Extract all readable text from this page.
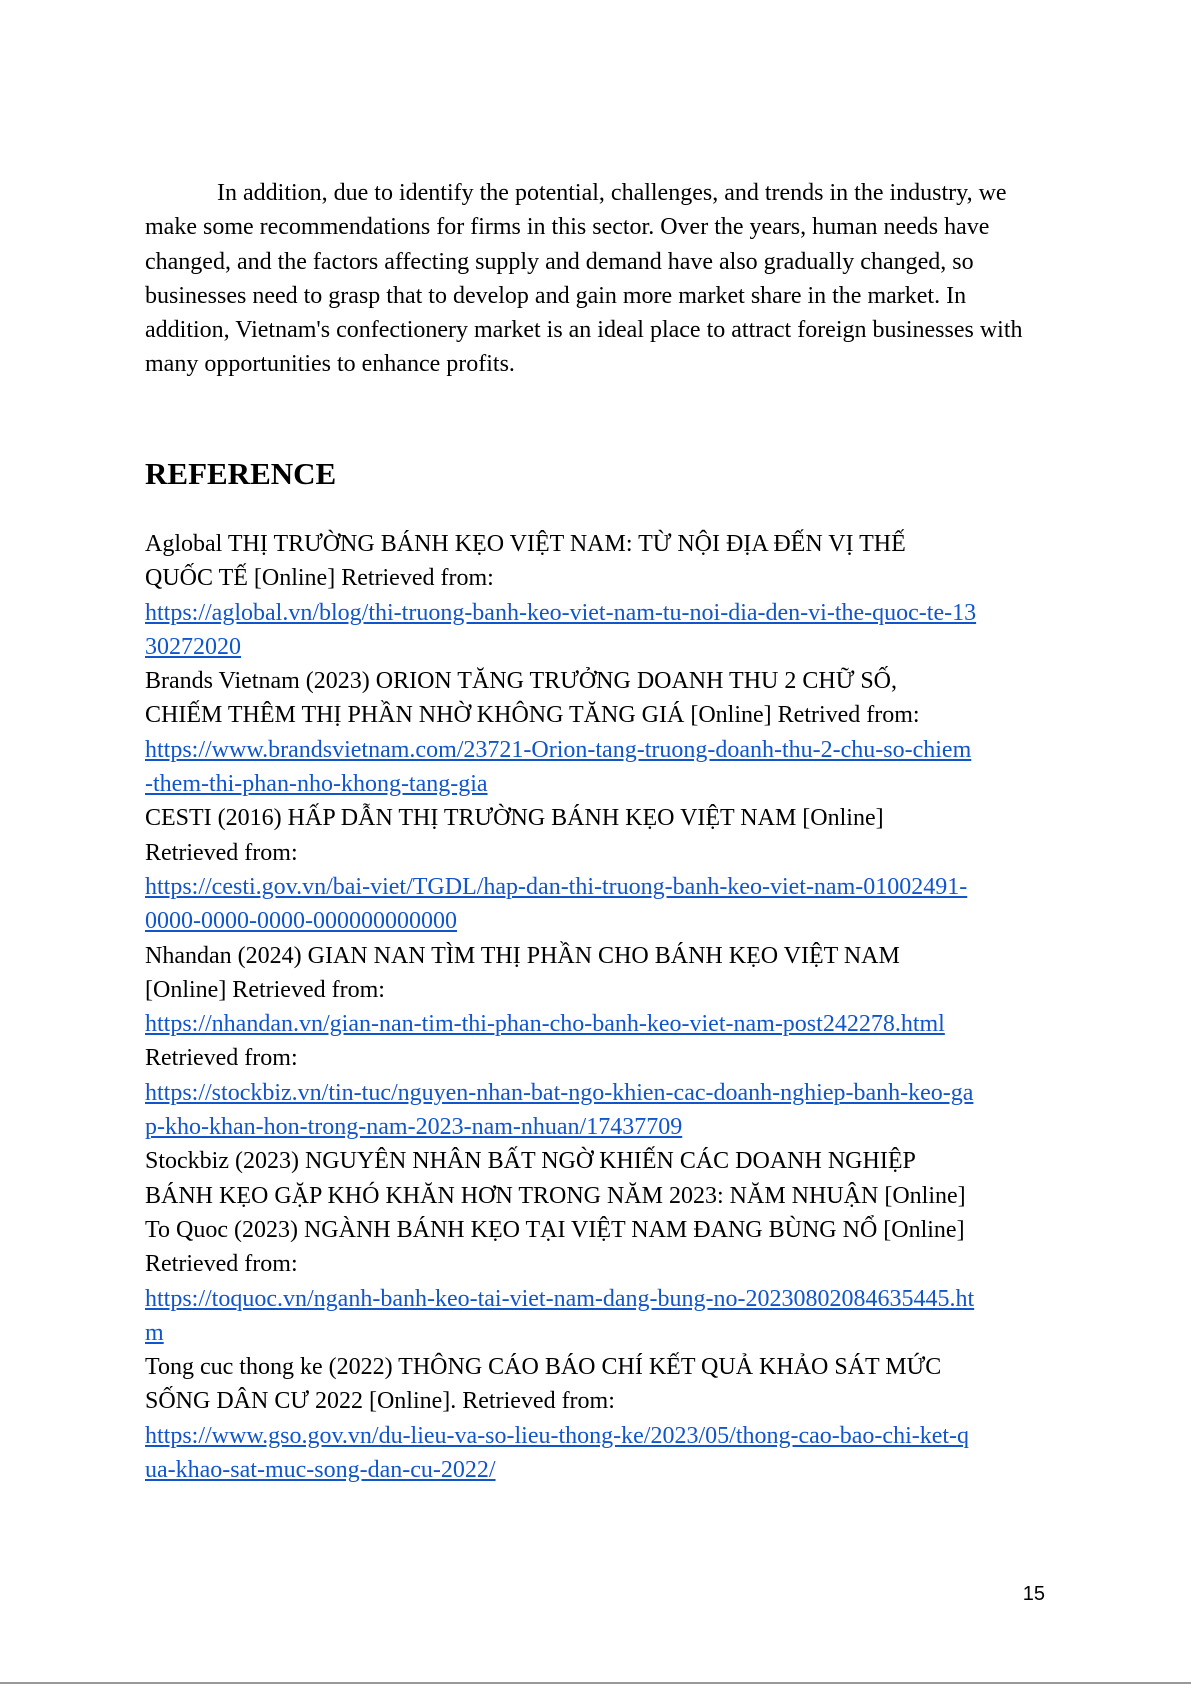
In addition, due to identify the potential, challenges, and trends in the industry, we make some recommendations for firms in this sector. Over the years, human needs have changed, and the factors affecting supply and demand have also gradually changed, so businesses need to grasp that to develop and gain more market share in the market. In addition, Vietnam's confectionery market is an ideal place to attract foreign businesses with many opportunities to enhance profits.

REFERENCE
Aglobal THỊ TRƯỜNG BÁNH KẸO VIỆT NAM: TỪ NỘI ĐỊA ĐẾN VỊ THẾ
QUỐC TẾ [Online] Retrieved from:
https://aglobal.vn/blog/thi-truong-banh-keo-viet-nam-tu-noi-dia-den-vi-the-quoc-te-13
30272020
Brands Vietnam (2023) ORION TĂNG TRƯỞNG DOANH THU 2 CHỮ SỐ,
CHIẾM THÊM THỊ PHẦN NHỜ KHÔNG TĂNG GIÁ [Online] Retrived from:
https://www.brandsvietnam.com/23721-Orion-tang-truong-doanh-thu-2-chu-so-chiem
-them-thi-phan-nho-khong-tang-gia
CESTI (2016) HẤP DẪN THỊ TRƯỜNG BÁNH KẸO VIỆT NAM [Online]
Retrieved from:
https://cesti.gov.vn/bai-viet/TGDL/hap-dan-thi-truong-banh-keo-viet-nam-01002491-
0000-0000-0000-000000000000
Nhandan (2024) GIAN NAN TÌM THỊ PHẦN CHO BÁNH KẸO VIỆT NAM
[Online] Retrieved from:
https://nhandan.vn/gian-nan-tim-thi-phan-cho-banh-keo-viet-nam-post242278.html
Retrieved from:
https://stockbiz.vn/tin-tuc/nguyen-nhan-bat-ngo-khien-cac-doanh-nghiep-banh-keo-ga
p-kho-khan-hon-trong-nam-2023-nam-nhuan/17437709
Stockbiz (2023) NGUYÊN NHÂN BẤT NGỜ KHIẾN CÁC DOANH NGHIỆP
BÁNH KẸO GẶP KHÓ KHĂN HƠN TRONG NĂM 2023: NĂM NHUẬN [Online]
To Quoc (2023) NGÀNH BÁNH KẸO TẠI VIỆT NAM ĐANG BÙNG NỔ [Online]
Retrieved from:
https://toquoc.vn/nganh-banh-keo-tai-viet-nam-dang-bung-no-20230802084635445.ht
m
Tong cuc thong ke (2022) THÔNG CÁO BÁO CHÍ KẾT QUẢ KHẢO SÁT MỨC
SỐNG DÂN CƯ 2022 [Online]. Retrieved from:
https://www.gso.gov.vn/du-lieu-va-so-lieu-thong-ke/2023/05/thong-cao-bao-chi-ket-q
ua-khao-sat-muc-song-dan-cu-2022/
15
